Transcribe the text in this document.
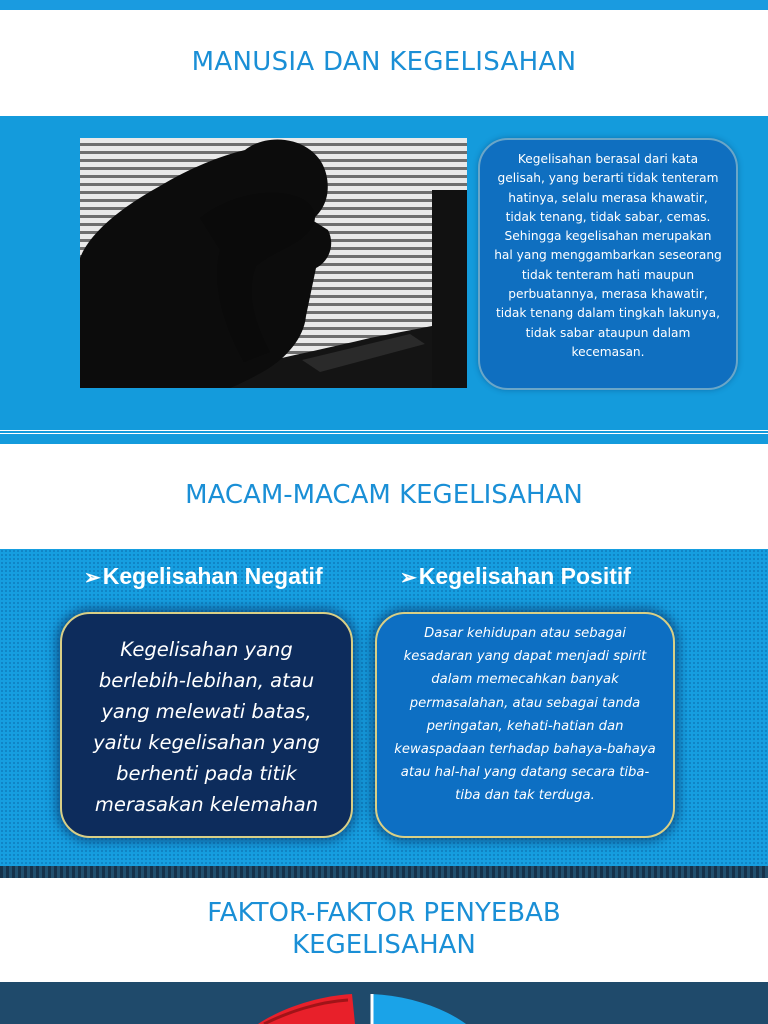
MANUSIA DAN KEGELISAHAN
Kegelisahan berasal dari kata gelisah, yang berarti tidak tenteram hatinya, selalu merasa khawatir, tidak tenang, tidak sabar, cemas. Sehingga kegelisahan merupakan hal yang menggambarkan seseorang tidak tenteram hati maupun perbuatannya, merasa khawatir, tidak tenang dalam tingkah lakunya, tidak sabar ataupun dalam kecemasan.
MACAM-MACAM KEGELISAHAN
➢Kegelisahan Negatif	➢Kegelisahan Positif
Kegelisahan yang berlebih-lebihan, atau yang melewati batas, yaitu kegelisahan yang berhenti pada titik merasakan kelemahan
Dasar kehidupan atau sebagai kesadaran yang dapat menjadi spirit dalam memecahkan banyak permasalahan, atau sebagai tanda peringatan, kehati-hatian dan kewaspadaan terhadap bahaya-bahaya atau hal-hal yang datang secara tiba-tiba dan tak terduga.
FAKTOR-FAKTOR PENYEBAB
KEGELISAHAN
